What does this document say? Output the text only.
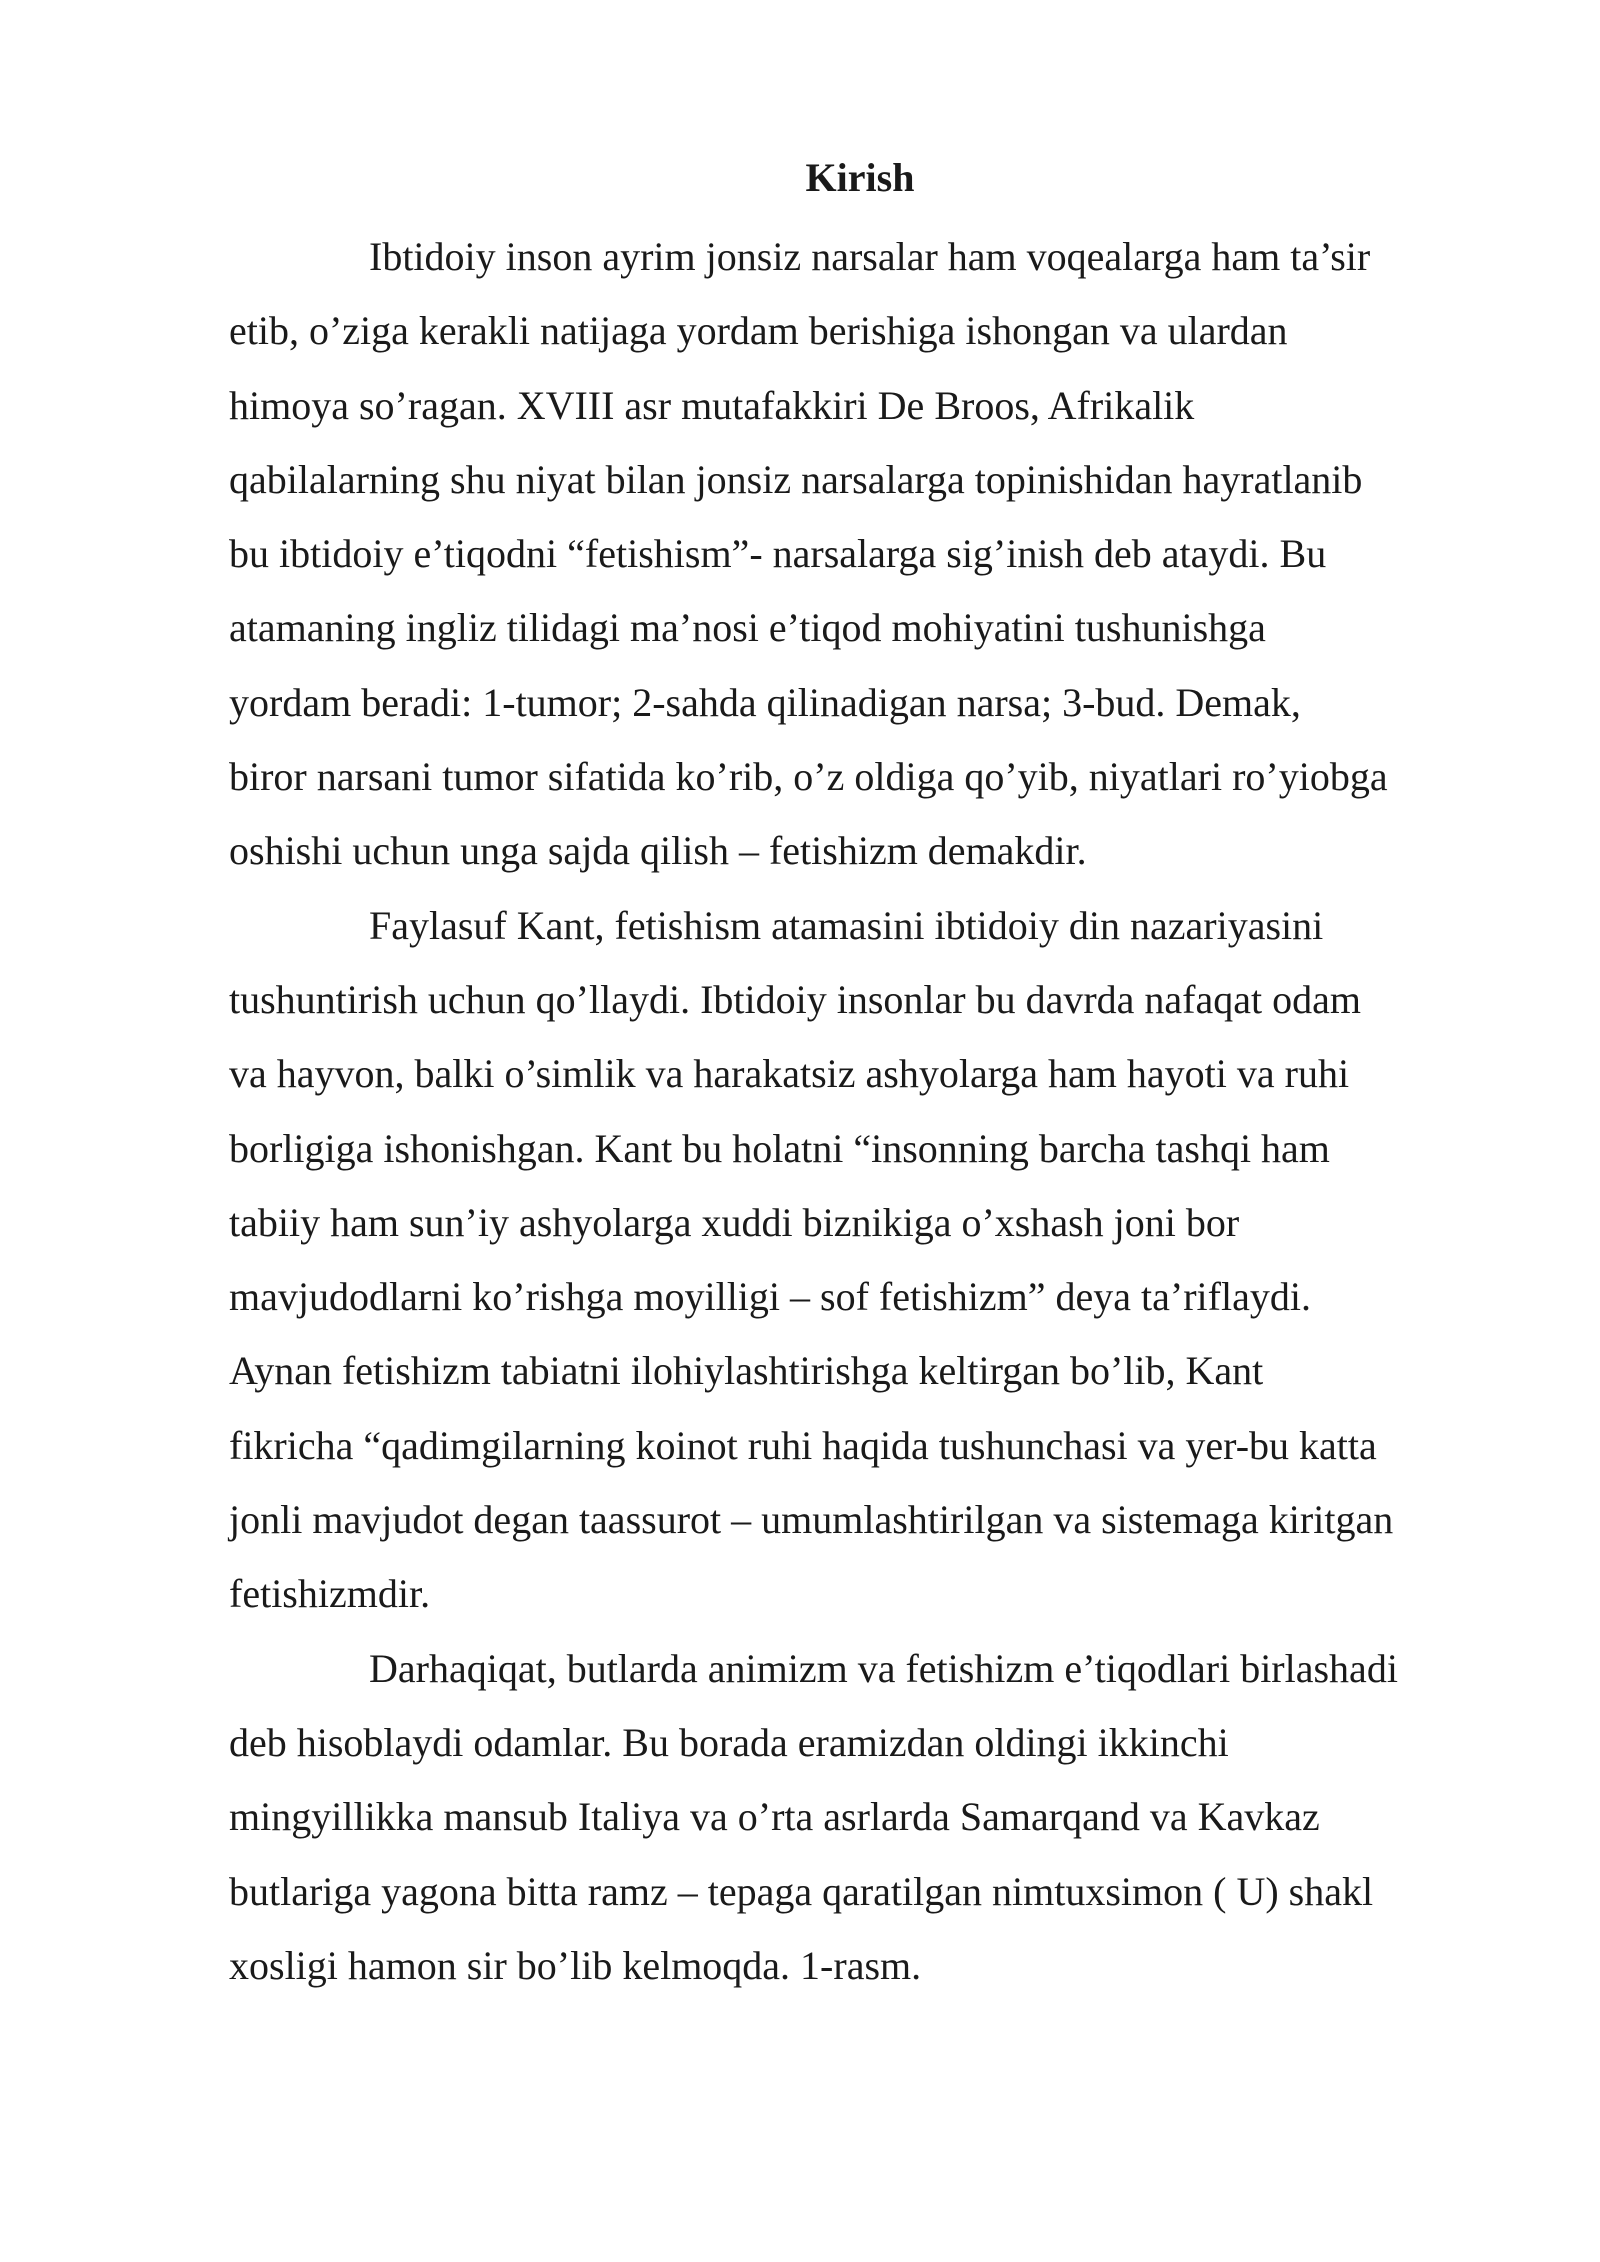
Kirish
Ibtidoiy inson ayrim jonsiz narsalar ham voqealarga ham ta’sir
etib, o’ziga kerakli natijaga yordam berishiga ishongan va ulardan
himoya so’ragan. XVIII asr mutafakkiri De Broos, Afrikalik
qabilalarning shu niyat bilan jonsiz narsalarga topinishidan hayratlanib
bu ibtidoiy e’tiqodni “fetishism”- narsalarga sig’inish deb ataydi. Bu
atamaning ingliz tilidagi ma’nosi e’tiqod mohiyatini tushunishga
yordam beradi: 1-tumor; 2-sahda qilinadigan narsa; 3-bud. Demak,
biror narsani tumor sifatida ko’rib, o’z oldiga qo’yib, niyatlari ro’yiobga
oshishi uchun unga sajda qilish – fetishizm demakdir.
Faylasuf Kant, fetishism atamasini ibtidoiy din nazariyasini
tushuntirish uchun qo’llaydi. Ibtidoiy insonlar bu davrda nafaqat odam
va hayvon, balki o’simlik va harakatsiz ashyolarga ham hayoti va ruhi
borligiga ishonishgan. Kant bu holatni “insonning barcha tashqi ham
tabiiy ham sun’iy ashyolarga xuddi biznikiga o’xshash joni bor
mavjudodlarni ko’rishga moyilligi – sof fetishizm” deya ta’riflaydi.
Aynan fetishizm tabiatni ilohiylashtirishga keltirgan bo’lib, Kant
fikricha “qadimgilarning koinot ruhi haqida tushunchasi va yer-bu katta
jonli mavjudot degan taassurot – umumlashtirilgan va sistemaga kiritgan
fetishizmdir.
Darhaqiqat, butlarda animizm va fetishizm e’tiqodlari birlashadi
deb hisoblaydi odamlar. Bu borada eramizdan oldingi ikkinchi
mingyillikka mansub Italiya va o’rta asrlarda Samarqand va Kavkaz
butlariga yagona bitta ramz – tepaga qaratilgan nimtuxsimon ( U) shakl
xosligi hamon sir bo’lib kelmoqda. 1-rasm.
